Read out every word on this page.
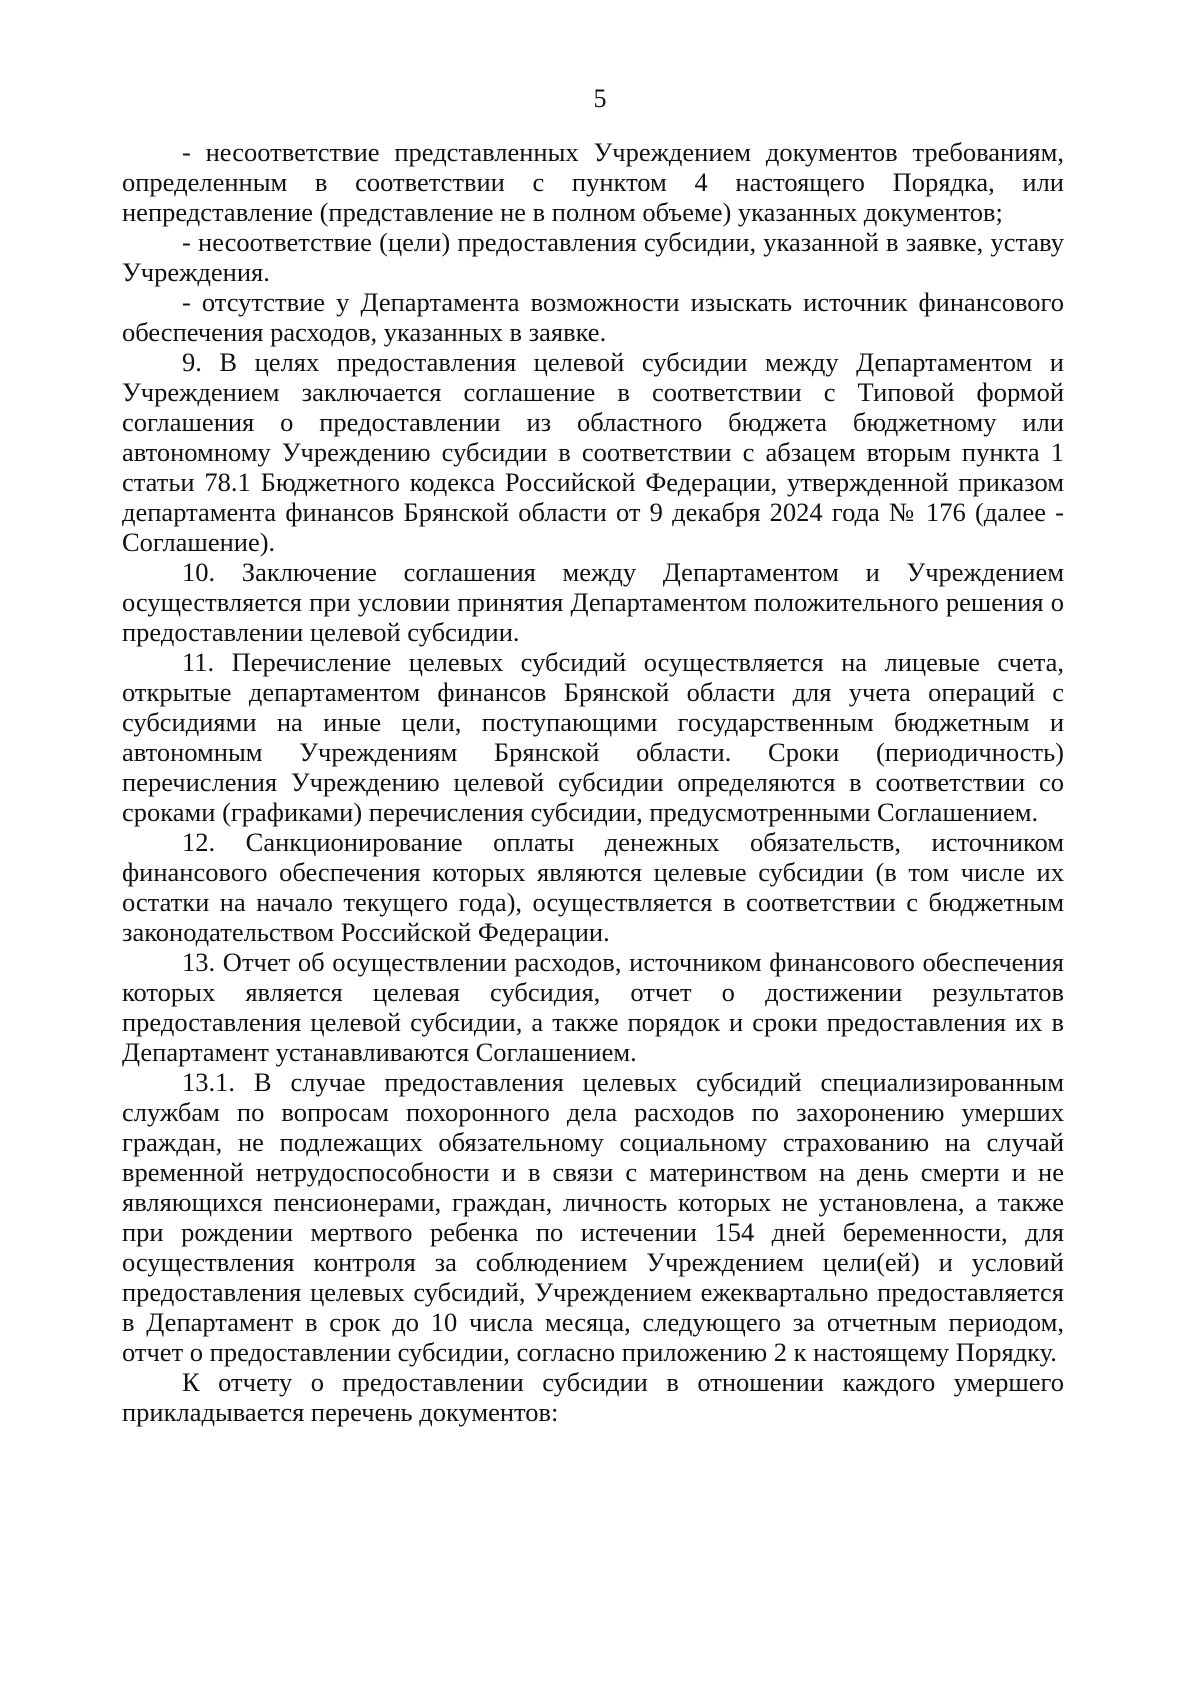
5

- несоответствие представленных Учреждением документов требованиям, определенным в соответствии с пунктом 4 настоящего Порядка, или непредставление (представление не в полном объеме) указанных документов;

- несоответствие (цели) предоставления субсидии, указанной в заявке, уставу Учреждения.

- отсутствие у Департамента возможности изыскать источник финансового обеспечения расходов, указанных в заявке.

9. В целях предоставления целевой субсидии между Департаментом и Учреждением заключается соглашение в соответствии с Типовой формой соглашения о предоставлении из областного бюджета бюджетному или автономному Учреждению субсидии в соответствии с абзацем вторым пункта 1 статьи 78.1 Бюджетного кодекса Российской Федерации, утвержденной приказом департамента финансов Брянской области от 9 декабря 2024 года № 176 (далее - Соглашение).

10. Заключение соглашения между Департаментом и Учреждением осуществляется при условии принятия Департаментом положительного решения о предоставлении целевой субсидии.

11. Перечисление целевых субсидий осуществляется на лицевые счета, открытые департаментом финансов Брянской области для учета операций с субсидиями на иные цели, поступающими государственным бюджетным и автономным Учреждениям Брянской области. Сроки (периодичность) перечисления Учреждению целевой субсидии определяются в соответствии со сроками (графиками) перечисления субсидии, предусмотренными Соглашением.

12. Санкционирование оплаты денежных обязательств, источником финансового обеспечения которых являются целевые субсидии (в том числе их остатки на начало текущего года), осуществляется в соответствии с бюджетным законодательством Российской Федерации.

13. Отчет об осуществлении расходов, источником финансового обеспечения которых является целевая субсидия, отчет о достижении результатов предоставления целевой субсидии, а также порядок и сроки предоставления их в Департамент устанавливаются Соглашением.

13.1. В случае предоставления целевых субсидий специализированным службам по вопросам похоронного дела расходов по захоронению умерших граждан, не подлежащих обязательному социальному страхованию на случай временной нетрудоспособности и в связи с материнством на день смерти и не являющихся пенсионерами, граждан, личность которых не установлена, а также при рождении мертвого ребенка по истечении 154 дней беременности, для осуществления контроля за соблюдением Учреждением цели(ей) и условий предоставления целевых субсидий, Учреждением ежеквартально предоставляется в Департамент в срок до 10 числа месяца, следующего за отчетным периодом, отчет о предоставлении субсидии, согласно приложению 2 к настоящему Порядку.

К отчету о предоставлении субсидии в отношении каждого умершего прикладывается перечень документов:
